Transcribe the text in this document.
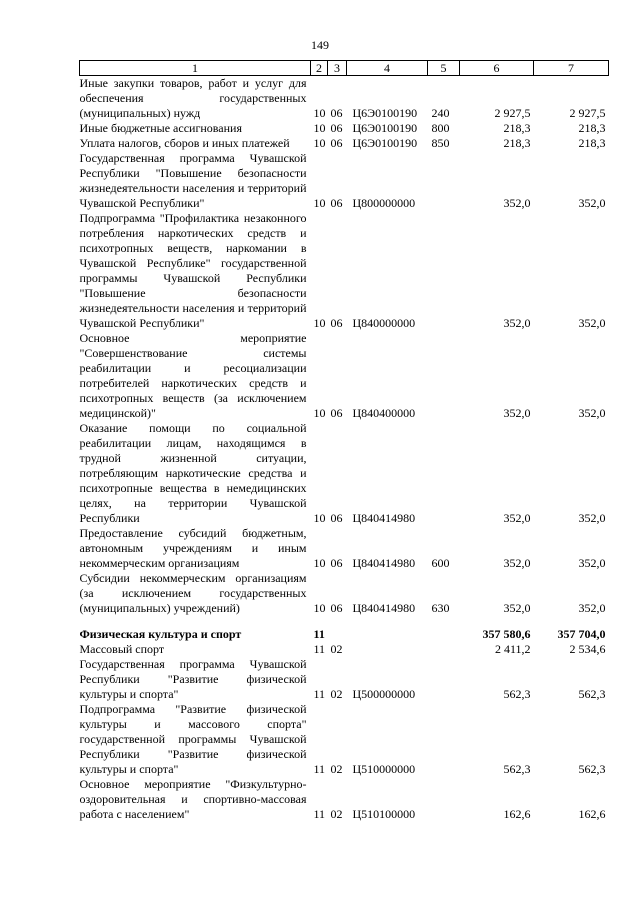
149
1	2	3	4	5	6	7
Иные закупки товаров, работ и услуг для обеспечения государственных (муниципальных) нужд	10	06	Ц6Э0100190	240	2 927,5	2 927,5
Иные бюджетные ассигнования	10	06	Ц6Э0100190	800	218,3	218,3
Уплата налогов, сборов и иных платежей	10	06	Ц6Э0100190	850	218,3	218,3
Государственная программа Чувашской Республики "Повышение безопасности жизнедеятельности населения и территорий Чувашской Республики"	10	06	Ц800000000		352,0	352,0
Подпрограмма "Профилактика незаконного потребления наркотических средств и психотропных веществ, наркомании в Чувашской Республике" государственной программы Чувашской Республики "Повышение безопасности жизнедеятельности населения и территорий Чувашской Республики"	10	06	Ц840000000		352,0	352,0
Основное мероприятие "Совершенствование системы реабилитации и ресоциализации потребителей наркотических средств и психотропных веществ (за исключением медицинской)"	10	06	Ц840400000		352,0	352,0
Оказание помощи по социальной реабилитации лицам, находящимся в трудной жизненной ситуации, потребляющим наркотические средства и психотропные вещества в немедицинских целях, на территории Чувашской Республики	10	06	Ц840414980		352,0	352,0
Предоставление субсидий бюджетным, автономным учреждениям и иным некоммерческим организациям	10	06	Ц840414980	600	352,0	352,0
Субсидии некоммерческим организациям (за исключением государственных (муниципальных) учреждений)	10	06	Ц840414980	630	352,0	352,0

Физическая культура и спорт	11				357 580,6	357 704,0
Массовый спорт	11	02			2 411,2	2 534,6
Государственная программа Чувашской Республики "Развитие физической культуры и спорта"	11	02	Ц500000000		562,3	562,3
Подпрограмма "Развитие физической культуры и массового спорта" государственной программы Чувашской Республики "Развитие физической культуры и спорта"	11	02	Ц510000000		562,3	562,3
Основное мероприятие "Физкультурно-оздоровительная и спортивно-массовая работа с населением"	11	02	Ц510100000		162,6	162,6
